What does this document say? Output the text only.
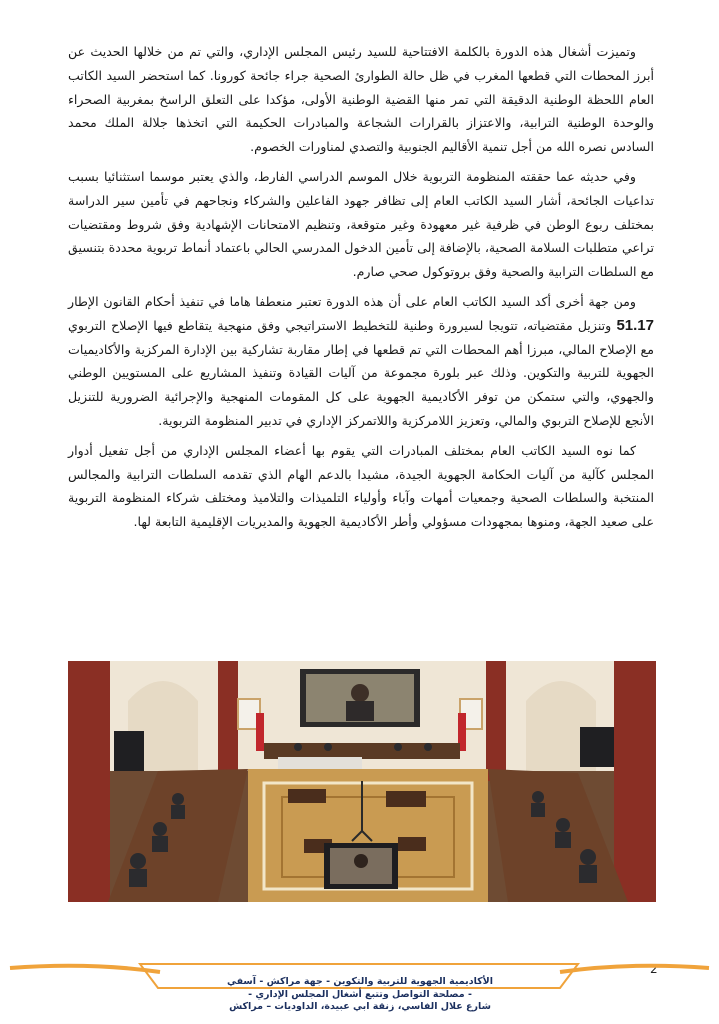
وتميزت أشغال هذه الدورة بالكلمة الافتتاحية للسيد رئيس المجلس الإداري، والتي تم من خلالها الحديث عن أبرز المحطات التي قطعها المغرب في ظل حالة الطوارئ الصحية جراء جائحة كورونا. كما استحضر السيد الكاتب العام اللحظة الوطنية الدقيقة التي تمر منها القضية الوطنية الأولى، مؤكدا على التعلق الراسخ بمغربية الصحراء والوحدة الوطنية الترابية، والاعتزاز بالقرارات الشجاعة والمبادرات الحكيمة التي اتخذها جلالة الملك محمد السادس نصره الله من أجل تنمية الأقاليم الجنوبية والتصدي لمناورات الخصوم.

وفي حديثه عما حققته المنظومة التربوية خلال الموسم الدراسي الفارط، والذي يعتبر موسما استثنائيا بسبب تداعيات الجائحة، أشار السيد الكاتب العام إلى تظافر جهود الفاعلين والشركاء ونجاحهم في تأمين سير الدراسة بمختلف ربوع الوطن في ظرفية غير معهودة وغير متوقعة، وتنظيم الامتحانات الإشهادية وفق شروط ومقتضيات تراعي متطلبات السلامة الصحية، بالإضافة إلى تأمين الدخول المدرسي الحالي باعتماد أنماط تربوية محددة بتنسيق مع السلطات الترابية والصحية وفق بروتوكول صحي صارم.

ومن جهة أخرى أكد السيد الكاتب العام على أن هذه الدورة تعتبر منعطفا هاما في تنفيذ أحكام القانون الإطار 51.17 وتنزيل مقتضياته، تتويجا لسيرورة وطنية للتخطيط الاستراتيجي وفق منهجية يتقاطع فيها الإصلاح التربوي مع الإصلاح المالي، مبرزا أهم المحطات التي تم قطعها في إطار مقاربة تشاركية بين الإدارة المركزية والأكاديميات الجهوية للتربية والتكوين. وذلك عبر بلورة مجموعة من آليات القيادة وتنفيذ المشاريع على المستويين الوطني والجهوي، والتي ستمكن من توفر الأكاديمية الجهوية على كل المقومات المنهجية والإجرائية الضرورية للتنزيل الأنجع للإصلاح التربوي والمالي، وتعزيز اللامركزية واللاتمركز الإداري في تدبير المنظومة التربوية.

كما نوه السيد الكاتب العام بمختلف المبادرات التي يقوم بها أعضاء المجلس الإداري من أجل تفعيل أدوار المجلس كآلية من آليات الحكامة الجهوية الجيدة، مشيدا بالدعم الهام الذي تقدمه السلطات الترابية والمجالس المنتخبة والسلطات الصحية وجمعيات أمهات وآباء وأولياء التلميذات والتلاميذ ومختلف شركاء المنظومة التربوية على صعيد الجهة، ومنوها بمجهودات مسؤولي وأطر الأكاديمية الجهوية والمديريات الإقليمية التابعة لها.

2
الأكاديمية الجهوية للتربية والتكوين - جهة مراكش - آسفي
- مصلحة التواصل وتتبع أشغال المجلس الإداري -
شارع علال الفاسي، زنقة ابي عبيدة، الداوديات – مراكش
